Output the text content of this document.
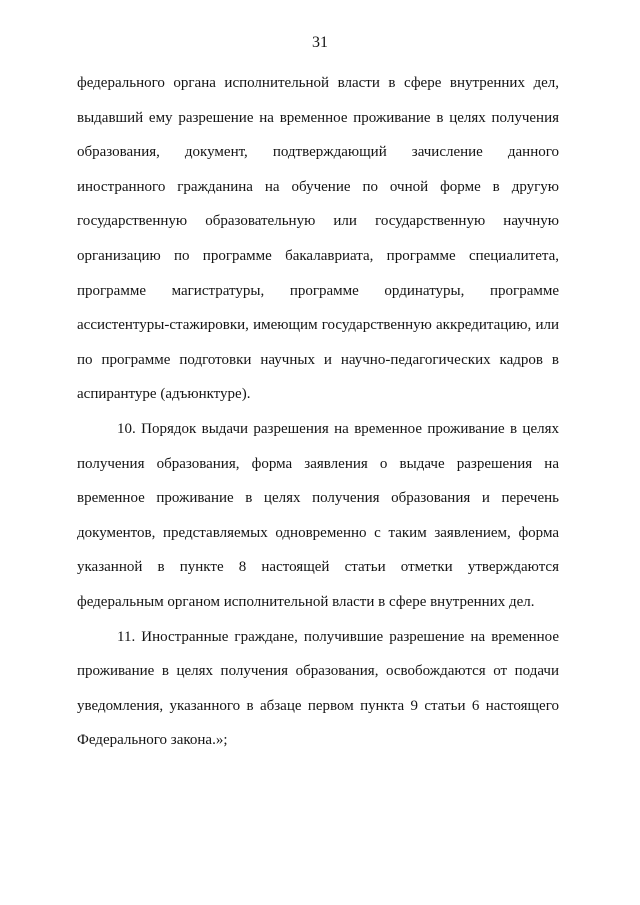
31

федерального органа исполнительной власти в сфере внутренних дел, выдавший ему разрешение на временное проживание в целях получения образования, документ, подтверждающий зачисление данного иностранного гражданина на обучение по очной форме в другую государственную образовательную или государственную научную организацию по программе бакалавриата, программе специалитета, программе магистратуры, программе ординатуры, программе ассистентуры-стажировки, имеющим государственную аккредитацию, или по программе подготовки научных и научно-педагогических кадров в аспирантуре (адъюнктуре).

10. Порядок выдачи разрешения на временное проживание в целях получения образования, форма заявления о выдаче разрешения на временное проживание в целях получения образования и перечень документов, представляемых одновременно с таким заявлением, форма указанной в пункте 8 настоящей статьи отметки утверждаются федеральным органом исполнительной власти в сфере внутренних дел.

11. Иностранные граждане, получившие разрешение на временное проживание в целях получения образования, освобождаются от подачи уведомления, указанного в абзаце первом пункта 9 статьи 6 настоящего Федерального закона.»;
